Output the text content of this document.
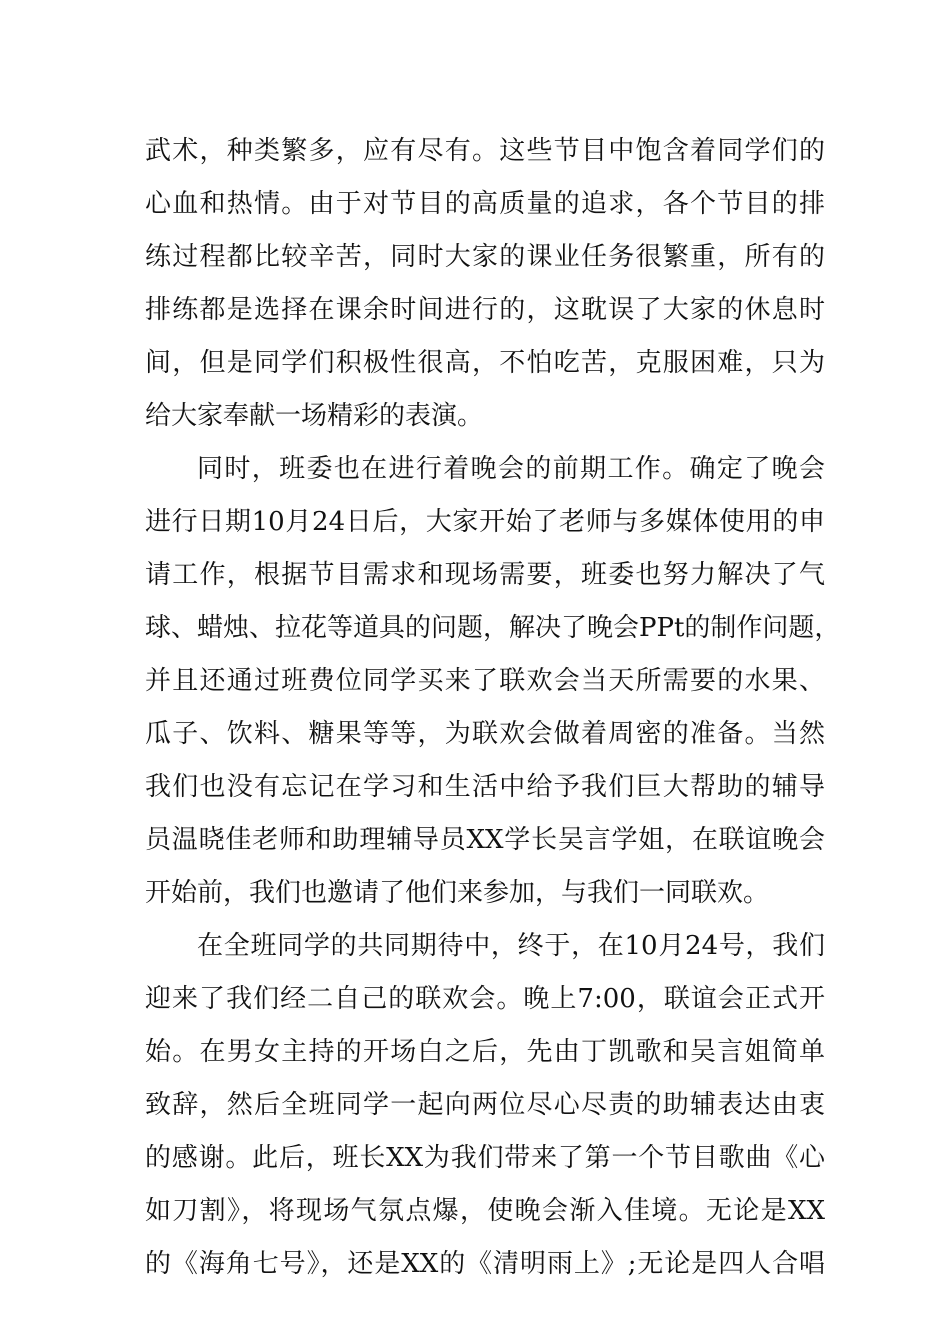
武术，种类繁多，应有尽有。这些节目中饱含着同学们的
心血和热情。由于对节目的高质量的追求，各个节目的排
练过程都比较辛苦，同时大家的课业任务很繁重，所有的
排练都是选择在课余时间进行的，这耽误了大家的休息时
间，但是同学们积极性很高，不怕吃苦，克服困难，只为
给大家奉献一场精彩的表演。
同时，班委也在进行着晚会的前期工作。确定了晚会
进行日期10月24日后，大家开始了老师与多媒体使用的申
请工作，根据节目需求和现场需要，班委也努力解决了气
球、蜡烛、拉花等道具的问题，解决了晚会PPt的制作问题，
并且还通过班费位同学买来了联欢会当天所需要的水果、
瓜子、饮料、糖果等等，为联欢会做着周密的准备。当然
我们也没有忘记在学习和生活中给予我们巨大帮助的辅导
员温晓佳老师和助理辅导员XX学长吴言学姐，在联谊晚会
开始前，我们也邀请了他们来参加，与我们一同联欢。
在全班同学的共同期待中，终于，在10月24号，我们
迎来了我们经二自己的联欢会。晚上7:00，联谊会正式开
始。在男女主持的开场白之后，先由丁凯歌和吴言姐简单
致辞，然后全班同学一起向两位尽心尽责的助辅表达由衷
的感谢。此后，班长XX为我们带来了第一个节目歌曲《心
如刀割》，将现场气氛点爆，使晚会渐入佳境。无论是XX
的《海角七号》，还是XX的《清明雨上》;无论是四人合唱
